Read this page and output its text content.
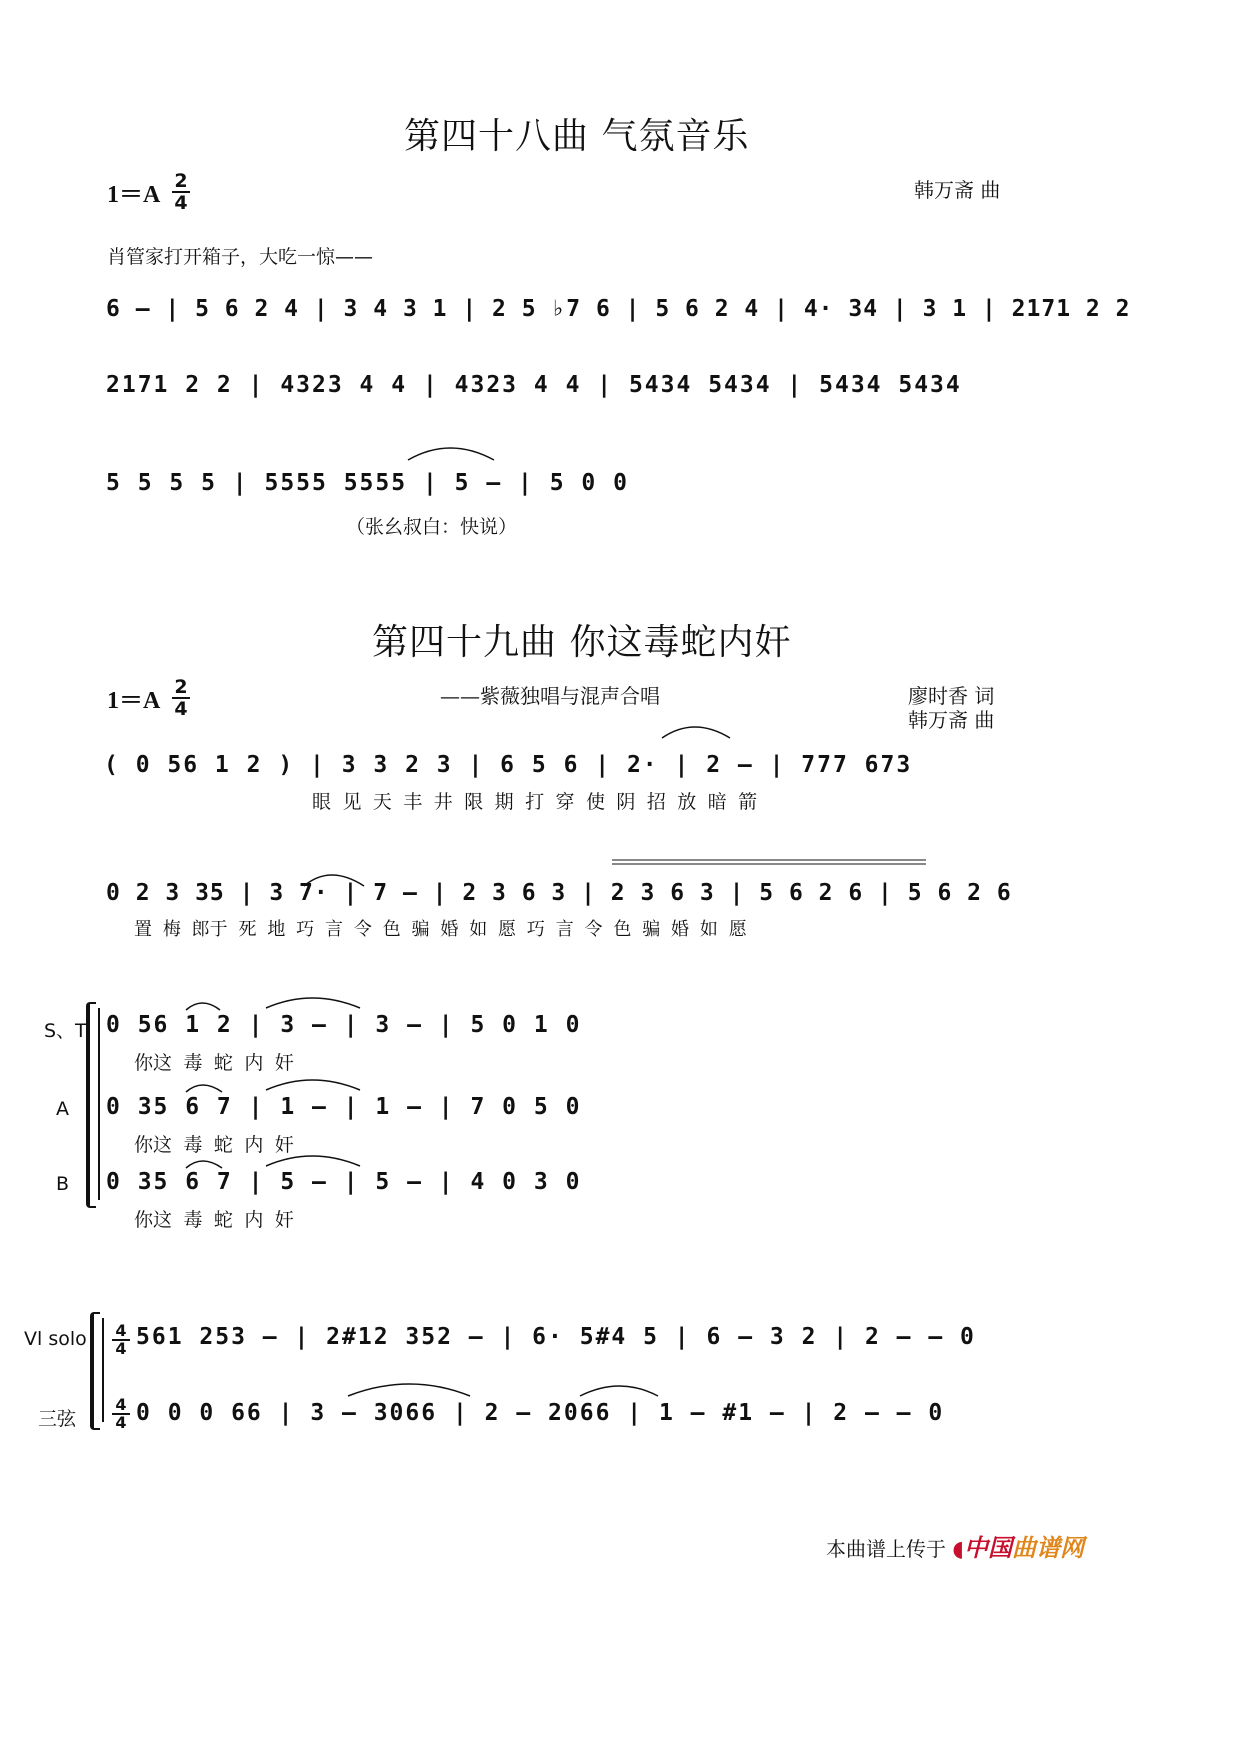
第四十八曲 气氛音乐
1＝A
2
4
韩万斋 曲
肖管家打开箱子，大吃一惊——
6 – | 5 6 2 4 | 3 4 3 1 | 2 5 ♭7 6 | 5 6 2 4 | 4· 34 | 3 1 | 2171 2 2
2171 2 2 | 4323 4 4 | 4323 4 4 | 5434 5434 | 5434 5434
5 5 5 5 | 5555 5555 | 5 – | 5 0 0
（张幺叔白：快说）
第四十九曲 你这毒蛇内奸
1＝A
2
4
——紫薇独唱与混声合唱	廖时香 词
韩万斋 曲
( 0 56 1 2 ) | 3 3 2 3 | 6 5 6 | 2· | 2 – | 777 673
眼 见 天 丰 井 限 期 打 穿 使 阴 招 放 暗 箭
0 2 3 35 | 3 7· | 7 – | 2 3 6 3 | 2 3 6 3 | 5 6 2 6 | 5 6 2 6
置 梅 郎于 死 地 巧 言 令 色 骗 婚 如 愿 巧 言 令 色 骗 婚 如 愿
S、T 0 56 1 2 | 3 – | 3 – | 5 0 1 0
你这 毒 蛇 内 奸
A 0 35 6 7 | 1 – | 1 – | 7 0 5 0
你这 毒 蛇 内 奸
B 0 35 6 7 | 5 – | 5 – | 4 0 3 0
你这 毒 蛇 内 奸
Vl solo 4
4 561 253 – | 2#12 352 – | 6· 5#4 5 | 6 – 3 2 | 2 – – 0
三弦
4
4 0 0 0 66 | 3 – 3066 | 2 – 2066 | 1 – #1 – | 2 – – 0
本曲谱上传于 ◖中国曲谱网
